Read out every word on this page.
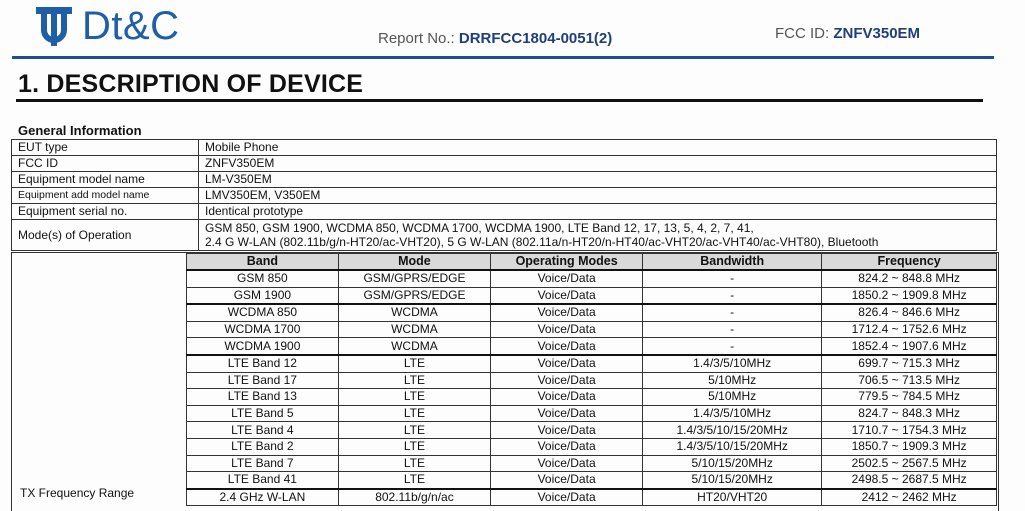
Dt&C	Report No.: DRRFCC1804-0051(2)	FCC ID: ZNFV350EM
1. DESCRIPTION OF DEVICE
General Information
EUT type	Mobile Phone
FCC ID	ZNFV350EM
Equipment model name	LM-V350EM
Equipment add model name	LMV350EM, V350EM
Equipment serial no.	Identical prototype
Mode(s) of Operation	GSM 850, GSM 1900, WCDMA 850, WCDMA 1700, WCDMA 1900, LTE Band 12, 17, 13, 5, 4, 2, 7, 41,
2.4 G W-LAN (802.11b/g/n-HT20/ac-VHT20), 5 G W-LAN (802.11a/n-HT20/n-HT40/ac-VHT20/ac-VHT40/ac-VHT80), Bluetooth
TX Frequency Range
Band	Mode	Operating Modes	Bandwidth	Frequency
GSM 850	GSM/GPRS/EDGE	Voice/Data	-	824.2 ~ 848.8 MHz
GSM 1900	GSM/GPRS/EDGE	Voice/Data	-	1850.2 ~ 1909.8 MHz
WCDMA 850	WCDMA	Voice/Data	-	826.4 ~ 846.6 MHz
WCDMA 1700	WCDMA	Voice/Data	-	1712.4 ~ 1752.6 MHz
WCDMA 1900	WCDMA	Voice/Data	-	1852.4 ~ 1907.6 MHz
LTE Band 12	LTE	Voice/Data	1.4/3/5/10MHz	699.7 ~ 715.3 MHz
LTE Band 17	LTE	Voice/Data	5/10MHz	706.5 ~ 713.5 MHz
LTE Band 13	LTE	Voice/Data	5/10MHz	779.5 ~ 784.5 MHz
LTE Band 5	LTE	Voice/Data	1.4/3/5/10MHz	824.7 ~ 848.3 MHz
LTE Band 4	LTE	Voice/Data	1.4/3/5/10/15/20MHz	1710.7 ~ 1754.3 MHz
LTE Band 2	LTE	Voice/Data	1.4/3/5/10/15/20MHz	1850.7 ~ 1909.3 MHz
LTE Band 7	LTE	Voice/Data	5/10/15/20MHz	2502.5 ~ 2567.5 MHz
LTE Band 41	LTE	Voice/Data	5/10/15/20MHz	2498.5 ~ 2687.5 MHz
2.4 GHz W-LAN	802.11b/g/n/ac	Voice/Data	HT20/VHT20	2412 ~ 2462 MHz
